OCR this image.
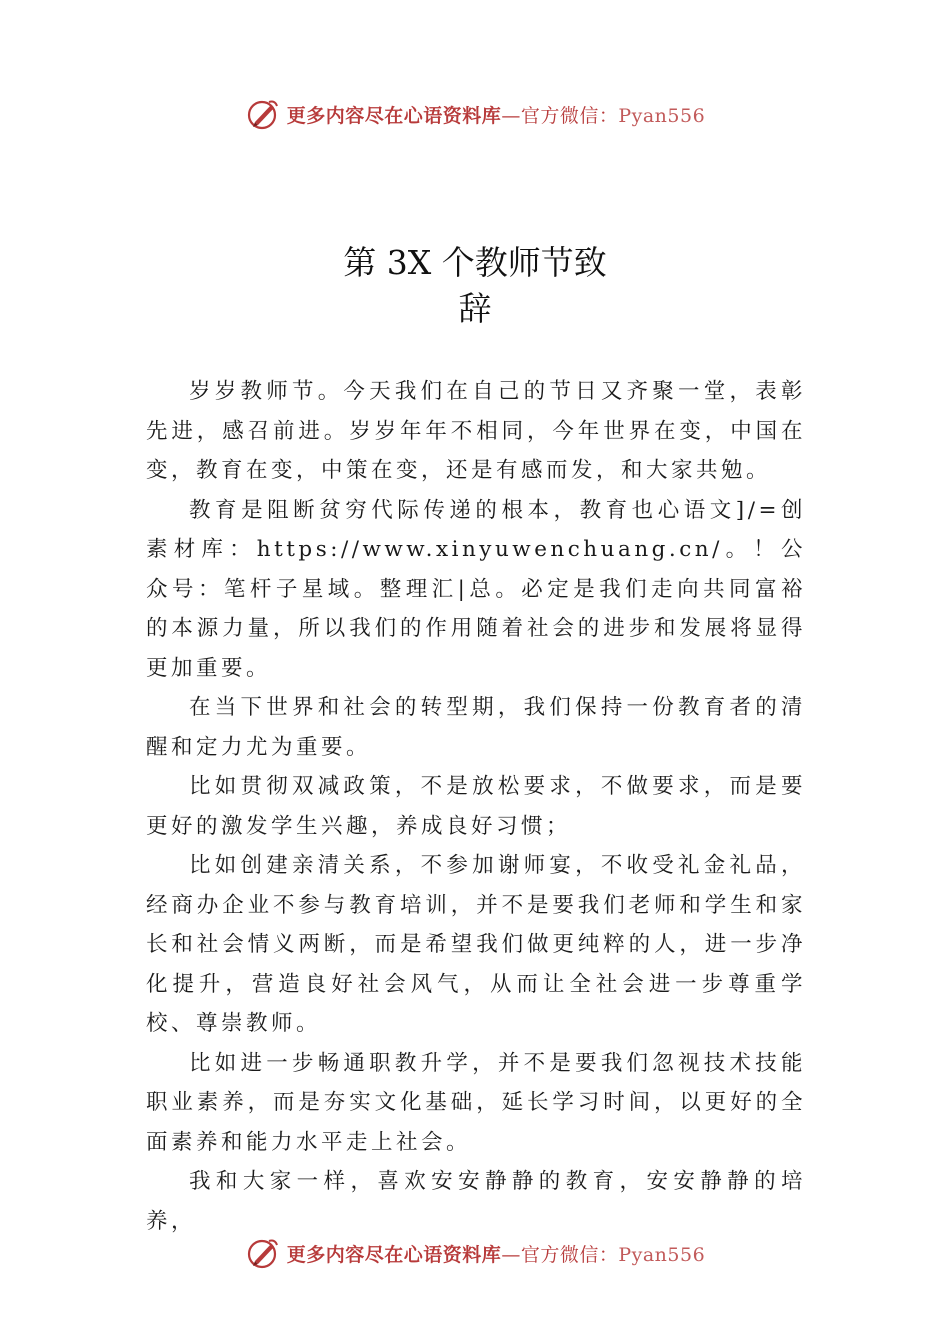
更多内容尽在心语资料库—官方微信：Pyan556
第 3X 个教师节致
辞

岁岁教师节。今天我们在自己的节日又齐聚一堂，表彰先进，感召前进。岁岁年年不相同，今年世界在变，中国在变，教育在变，中策在变，还是有感而发，和大家共勉。

教育是阻断贫穷代际传递的根本，教育也心语文]/=创素材库：https://www.xinyuwenchuang.cn/。！公众号：笔杆子星域。整理汇|总。必定是我们走向共同富裕的本源力量，所以我们的作用随着社会的进步和发展将显得更加重要。

在当下世界和社会的转型期，我们保持一份教育者的清醒和定力尤为重要。

比如贯彻双减政策，不是放松要求，不做要求，而是要更好的激发学生兴趣，养成良好习惯；

比如创建亲清关系，不参加谢师宴，不收受礼金礼品，经商办企业不参与教育培训，并不是要我们老师和学生和家长和社会情义两断，而是希望我们做更纯粹的人，进一步净化提升，营造良好社会风气，从而让全社会进一步尊重学校、尊崇教师。

比如进一步畅通职教升学，并不是要我们忽视技术技能职业素养，而是夯实文化基础，延长学习时间，以更好的全面素养和能力水平走上社会。

我和大家一样，喜欢安安静静的教育，安安静静的培养，

更多内容尽在心语资料库—官方微信：Pyan556
